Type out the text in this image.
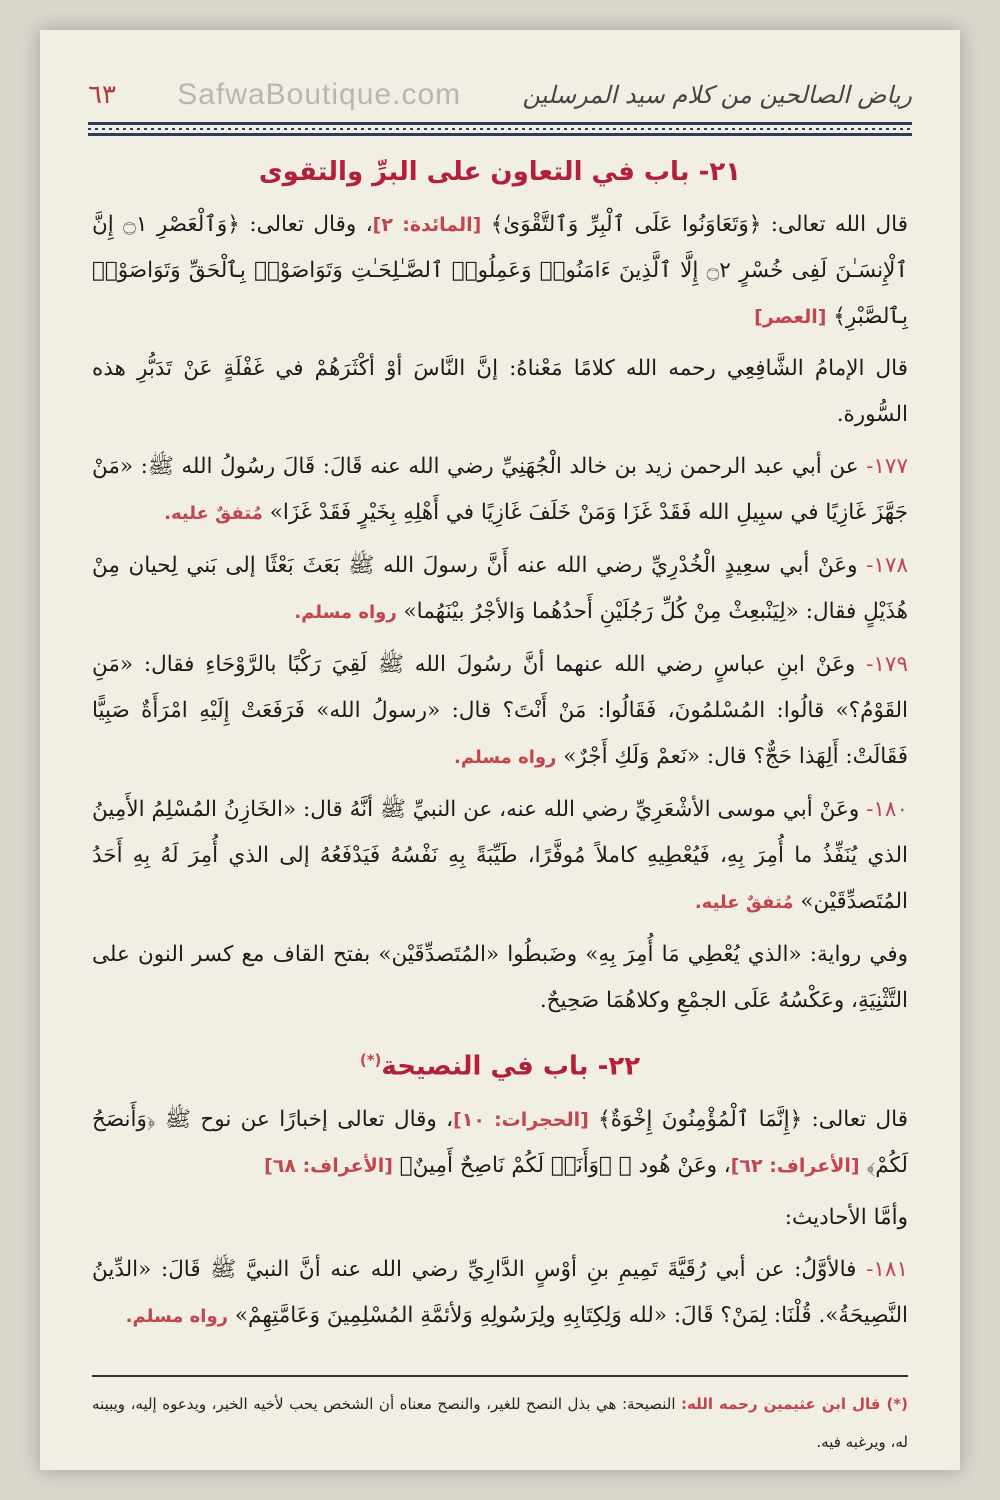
٦٣ SafwaBoutique.com	رياض الصالحين من كلام سيد المرسلين
٢١- باب في التعاون على البرِّ والتقوى

قال الله تعالى: ﴿وَتَعَاوَنُوا عَلَى ٱلْبِرِّ وَٱلتَّقْوَىٰ﴾ [المائدة: ٢]، وقال تعالى: ﴿وَٱلْعَصْرِ ۝١ إِنَّ ٱلْإِنسَـٰنَ لَفِى خُسْرٍ ۝٢ إِلَّا ٱلَّذِينَ ءَامَنُوا۟ وَعَمِلُوا۟ ٱلصَّـٰلِحَـٰتِ وَتَوَاصَوْا۟ بِٱلْحَقِّ وَتَوَاصَوْا۟ بِٱلصَّبْرِ﴾ [العصر]

قال الإمامُ الشَّافِعِي رحمه الله كلامًا مَعْناهُ: إنَّ النَّاسَ أوْ أكْثَرَهُمْ في غَفْلَةٍ عَنْ تَدَبُّرِ هذه السُّورة.

١٧٧- عن أبي عبد الرحمن زيد بن خالد الْجُهَنِيِّ رضي الله عنه قَالَ: قَالَ رسُولُ الله ﷺ: «مَنْ جَهَّزَ غَازِيًا في سبِيلِ الله فَقَدْ غَزَا وَمَنْ خَلَفَ غَازِيًا في أَهْلِهِ بِخَيْرٍ فَقَدْ غَزَا» مُتفقٌ عليه.

١٧٨- وعَنْ أبي سعِيدٍ الْخُدْرِيِّ رضي الله عنه أَنَّ رسولَ الله ﷺ بَعَثَ بَعْثًا إلى بَني لِحيان مِنْ هُذَيْلٍ فقال: «لِيَنْبعِثْ مِنْ كُلِّ رَجُلَيْنِ أَحدُهُما وَالأجْرُ بيْنَهُما» رواه مسلم.

١٧٩- وعَنْ ابنِ عباسٍ رضي الله عنهما أنَّ رسُولَ الله ﷺ لَقِيَ رَكْبًا بالرَّوْحَاءِ فقال: «مَنِ القَوْمُ؟» قالُوا: المُسْلمُونَ، فَقَالُوا: مَنْ أَنْتَ؟ قال: «رسولُ الله» فَرَفَعَتْ إِلَيْهِ امْرَأَةٌ صَبِيًّا فَقَالَتْ: أَلِهَذا حَجٌّ؟ قال: «نَعمْ وَلَكِ أَجْرٌ» رواه مسلم.

١٨٠- وعَنْ أبي موسى الأشْعَرِيِّ رضي الله عنه، عن النبيِّ ﷺ أنَّهُ قال: «الخَازِنُ المُسْلِمُ الأَمِينُ الذي يُنَفِّذُ ما أُمِرَ بِهِ، فَيُعْطِيهِ كاملاً مُوفَّرًا، طَيِّبَةً بِهِ نَفْسُهُ فَيَدْفَعُهُ إلى الذي أُمِرَ لَهُ بِهِ أَحَدُ المُتَصدِّقَيْن» مُتفقٌ عليه.

وفي رواية: «الذي يُعْطِي مَا أُمِرَ بِهِ» وضَبطُوا «المُتَصدِّقَيْن» بفتح القاف مع كسر النون على التَّثْنِيَةِ، وعَكْسُهُ عَلَى الجمْعِ وكلاهُمَا صَحِيحٌ.

٢٢- باب في النصيحة(*)

قال تعالى: ﴿إِنَّمَا ٱلْمُؤْمِنُونَ إِخْوَةٌ﴾ [الحجرات: ١٠]، وقال تعالى إخبارًا عن نوح ﷺ ﴿وَأَنصَحُ لَكُمْ﴾ [الأعراف: ٦٢]، وعَنْ هُود ﷺ ﴿وَأَنَا۠ لَكُمْ نَاصِحٌ أَمِينٌ﴾ [الأعراف: ٦٨]

وأمَّا الأحاديث:

١٨١- فالأوَّلُ: عن أبي رُقَيَّةَ تَمِيمِ بنِ أوْسٍ الدَّارِيِّ رضي الله عنه أنَّ النبيَّ ﷺ قَالَ: «الدِّينُ النَّصِيحَةُ». قُلْنَا: لِمَنْ؟ قَالَ: «لله وَلِكِتَابِهِ ولِرَسُولِهِ وَلأئمَّةِ المُسْلِمِينَ وَعَامَّتِهِمْ» رواه مسلم.

(*) قال ابن عثيمين رحمه الله: النصيحة: هي بذل النصح للغير، والنصح معناه أن الشخص يحب لأخيه الخير، ويدعوه إليه، ويبينه له، ويرغبه فيه.
